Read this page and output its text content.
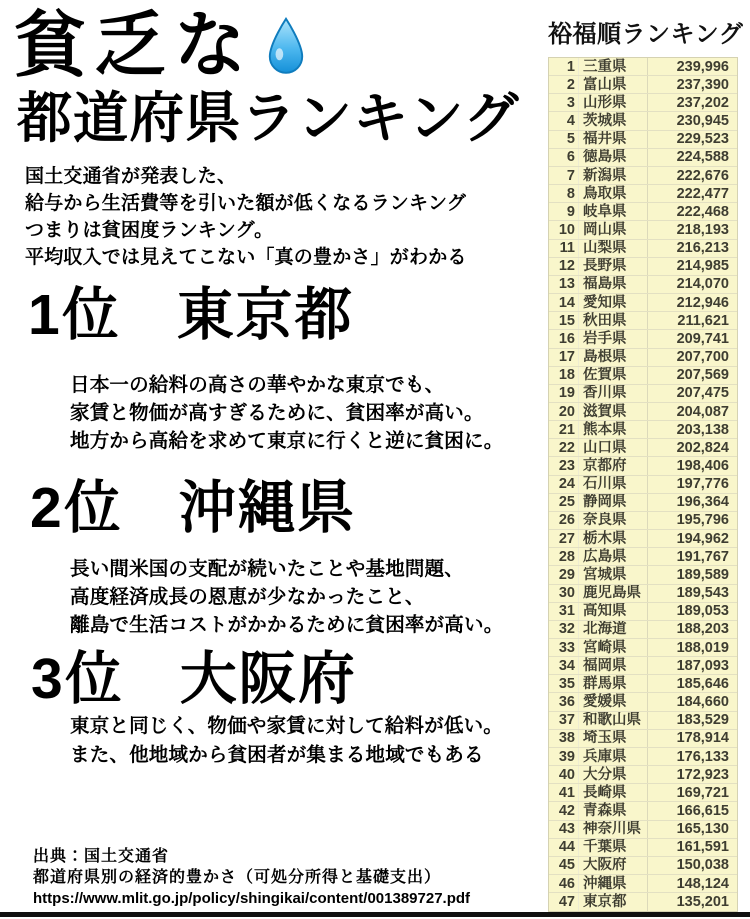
貧乏な
都道府県ランキング
国土交通省が発表した、
給与から生活費等を引いた額が低くなるランキング
つまりは貧困度ランキング。
平均収入では見えてこない「真の豊かさ」がわかる
1位 東京都
日本一の給料の高さの華やかな東京でも、
家賃と物価が高すぎるために、貧困率が高い。
地方から高給を求めて東京に行くと逆に貧困に。
2位 沖縄県
長い間米国の支配が続いたことや基地問題、
高度経済成長の恩恵が少なかったこと、
離島で生活コストがかかるために貧困率が高い。
3位 大阪府
東京と同じく、物価や家賃に対して給料が低い。
また、他地域から貧困者が集まる地域でもある
出典：国土交通省
都道府県別の経済的豊かさ（可処分所得と基礎支出）
https://www.mlit.go.jp/policy/shingikai/content/001389727.pdf
裕福順ランキング
1 三重県	239,996
2 富山県	237,390
3 山形県	237,202
4 茨城県	230,945
5 福井県	229,523
6 徳島県	224,588
7 新潟県	222,676
8 鳥取県	222,477
9 岐阜県	222,468
10 岡山県	218,193
11 山梨県	216,213
12 長野県	214,985
13 福島県	214,070
14 愛知県	212,946
15 秋田県	211,621
16 岩手県	209,741
17 島根県	207,700
18 佐賀県	207,569
19 香川県	207,475
20 滋賀県	204,087
21 熊本県	203,138
22 山口県	202,824
23 京都府	198,406
24 石川県	197,776
25 静岡県	196,364
26 奈良県	195,796
27 栃木県	194,962
28 広島県	191,767
29 宮城県	189,589
30 鹿児島県	189,543
31 高知県	189,053
32 北海道	188,203
33 宮崎県	188,019
34 福岡県	187,093
35 群馬県	185,646
36 愛媛県	184,660
37 和歌山県	183,529
38 埼玉県	178,914
39 兵庫県	176,133
40 大分県	172,923
41 長崎県	169,721
42 青森県	166,615
43 神奈川県	165,130
44 千葉県	161,591
45 大阪府	150,038
46 沖縄県	148,124
47 東京都	135,201
